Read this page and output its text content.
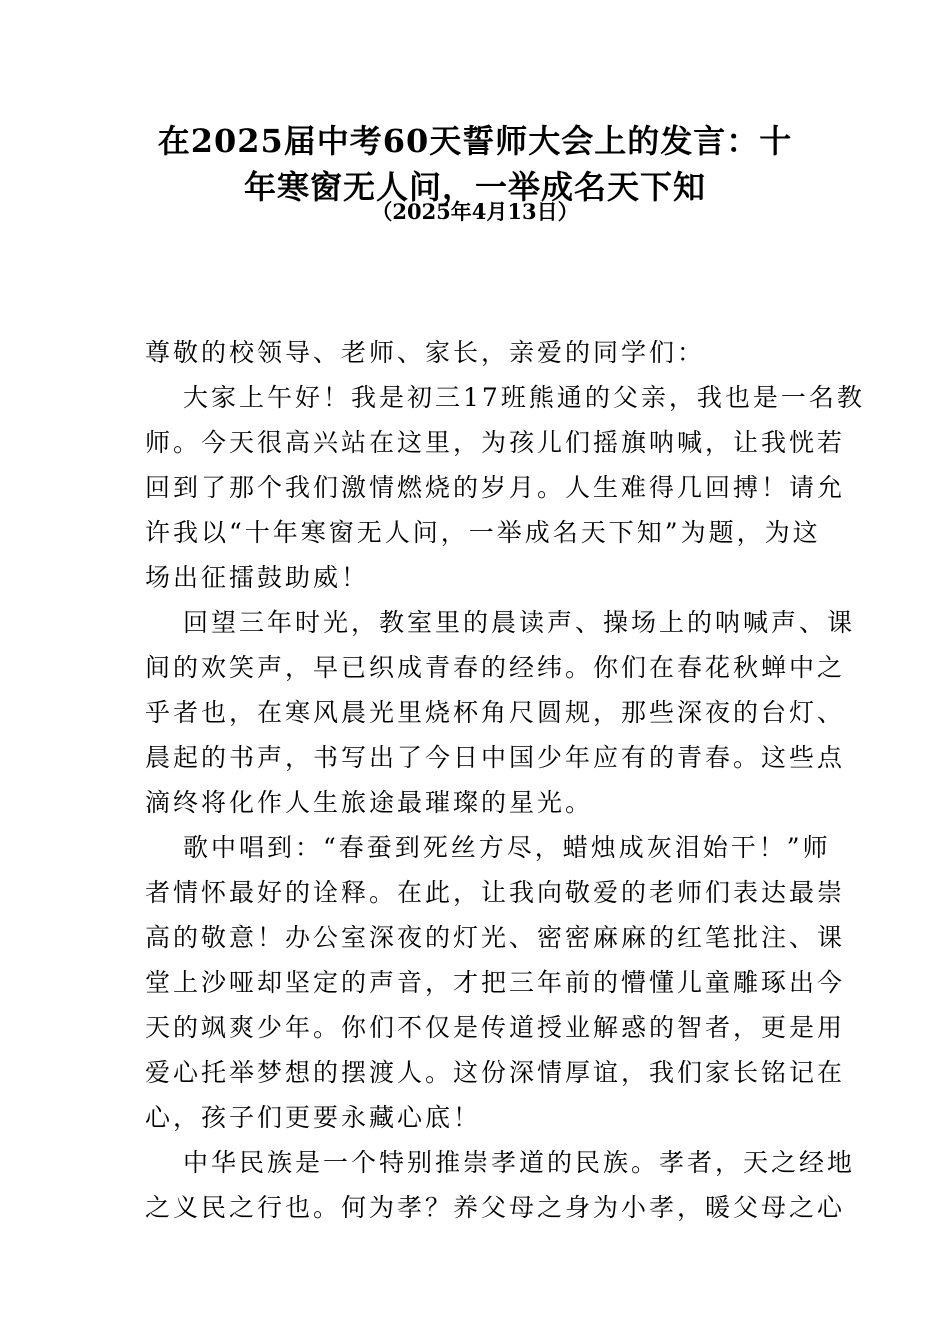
在2025届中考60天誓师大会上的发言：十
年寒窗无人问，一举成名天下知
（2025年4月13日）
尊敬的校领导、老师、家长，亲爱的同学们：
大家上午好！我是初三17班熊通的父亲，我也是一名教
师。今天很高兴站在这里，为孩儿们摇旗呐喊，让我恍若
回到了那个我们激情燃烧的岁月。人生难得几回搏！请允
许我以“十年寒窗无人问，一举成名天下知”为题，为这
场出征擂鼓助威！
回望三年时光，教室里的晨读声、操场上的呐喊声、课
间的欢笑声，早已织成青春的经纬。你们在春花秋蝉中之
乎者也，在寒风晨光里烧杯角尺圆规，那些深夜的台灯、
晨起的书声，书写出了今日中国少年应有的青春。这些点
滴终将化作人生旅途最璀璨的星光。
歌中唱到：“春蚕到死丝方尽，蜡烛成灰泪始干！”师
者情怀最好的诠释。在此，让我向敬爱的老师们表达最崇
高的敬意！办公室深夜的灯光、密密麻麻的红笔批注、课
堂上沙哑却坚定的声音，才把三年前的懵懂儿童雕琢出今
天的飒爽少年。你们不仅是传道授业解惑的智者，更是用
爱心托举梦想的摆渡人。这份深情厚谊，我们家长铭记在
心，孩子们更要永藏心底！
中华民族是一个特别推崇孝道的民族。孝者，天之经地
之义民之行也。何为孝？养父母之身为小孝，暖父母之心
